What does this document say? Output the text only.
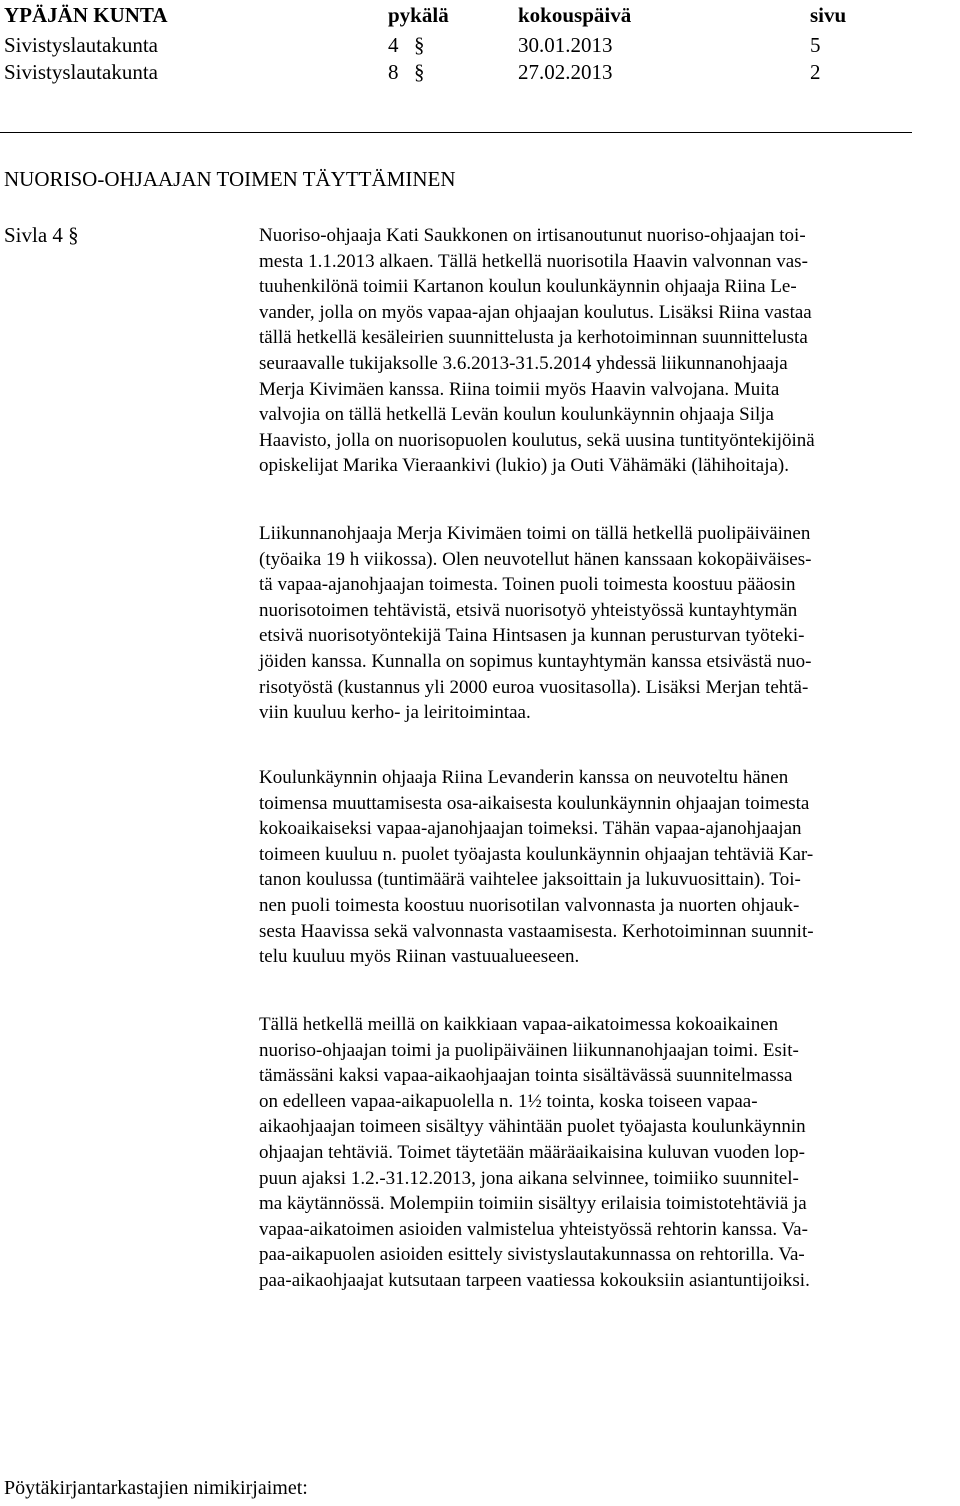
YPÄJÄN KUNTA	pykälä	kokouspäivä	sivu
Sivistyslautakunta	4 §	30.01.2013	5
Sivistyslautakunta	8 §	27.02.2013	2
NUORISO-OHJAAJAN TOIMEN TÄYTTÄMINEN
Sivla 4 §	Nuoriso-ohjaaja Kati Saukkonen on irtisanoutunut nuoriso-ohjaajan toi-
mesta 1.1.2013 alkaen. Tällä hetkellä nuorisotila Haavin valvonnan vas-
tuuhenkilönä toimii Kartanon koulun koulunkäynnin ohjaaja Riina Le-
vander, jolla on myös vapaa-ajan ohjaajan koulutus. Lisäksi Riina vastaa
tällä hetkellä kesäleirien suunnittelusta ja kerhotoiminnan suunnittelusta
seuraavalle tukijaksolle 3.6.2013-31.5.2014 yhdessä liikunnanohjaaja
Merja Kivimäen kanssa. Riina toimii myös Haavin valvojana. Muita
valvojia on tällä hetkellä Levän koulun koulunkäynnin ohjaaja Silja
Haavisto, jolla on nuorisopuolen koulutus, sekä uusina tuntityöntekijöinä
opiskelijat Marika Vieraankivi (lukio) ja Outi Vähämäki (lähihoitaja).
Liikunnanohjaaja Merja Kivimäen toimi on tällä hetkellä puolipäiväinen
(työaika 19 h viikossa). Olen neuvotellut hänen kanssaan kokopäiväises-
tä vapaa-ajanohjaajan toimesta. Toinen puoli toimesta koostuu pääosin
nuorisotoimen tehtävistä, etsivä nuorisotyö yhteistyössä kuntayhtymän
etsivä nuorisotyöntekijä Taina Hintsasen ja kunnan perusturvan työteki-
jöiden kanssa. Kunnalla on sopimus kuntayhtymän kanssa etsivästä nuo-
risotyöstä (kustannus yli 2000 euroa vuositasolla). Lisäksi Merjan tehtä-
viin kuuluu kerho- ja leiritoimintaa.
Koulunkäynnin ohjaaja Riina Levanderin kanssa on neuvoteltu hänen
toimensa muuttamisesta osa-aikaisesta koulunkäynnin ohjaajan toimesta
kokoaikaiseksi vapaa-ajanohjaajan toimeksi. Tähän vapaa-ajanohjaajan
toimeen kuuluu n. puolet työajasta koulunkäynnin ohjaajan tehtäviä Kar-
tanon koulussa (tuntimäärä vaihtelee jaksoittain ja lukuvuosittain). Toi-
nen puoli toimesta koostuu nuorisotilan valvonnasta ja nuorten ohjauk-
sesta Haavissa sekä valvonnasta vastaamisesta. Kerhotoiminnan suunnit-
telu kuuluu myös Riinan vastuualueeseen.
Tällä hetkellä meillä on kaikkiaan vapaa-aikatoimessa kokoaikainen
nuoriso-ohjaajan toimi ja puolipäiväinen liikunnanohjaajan toimi. Esit-
tämässäni kaksi vapaa-aikaohjaajan tointa sisältävässä suunnitelmassa
on edelleen vapaa-aikapuolella n. 1½ tointa, koska toiseen vapaa-
aikaohjaajan toimeen sisältyy vähintään puolet työajasta koulunkäynnin
ohjaajan tehtäviä. Toimet täytetään määräaikaisina kuluvan vuoden lop-
puun ajaksi 1.2.-31.12.2013, jona aikana selvinnee, toimiiko suunnitel-
ma käytännössä. Molempiin toimiin sisältyy erilaisia toimistotehtäviä ja
vapaa-aikatoimen asioiden valmistelua yhteistyössä rehtorin kanssa. Va-
paa-aikapuolen asioiden esittely sivistyslautakunnassa on rehtorilla. Va-
paa-aikaohjaajat kutsutaan tarpeen vaatiessa kokouksiin asiantuntijoiksi.
Pöytäkirjantarkastajien nimikirjaimet:
